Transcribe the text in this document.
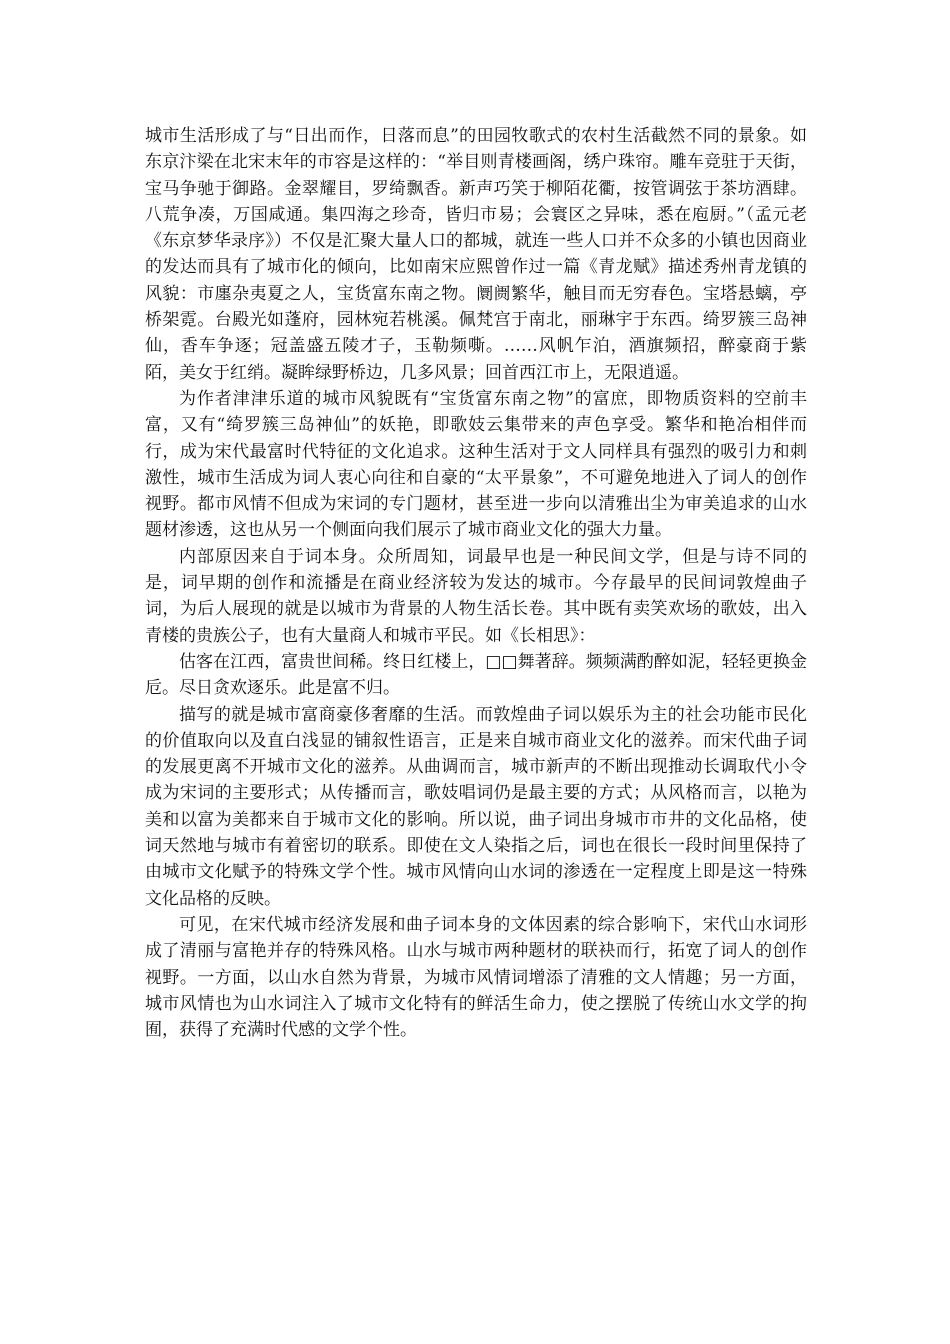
城市生活形成了与“日出而作，日落而息”的田园牧歌式的农村生活截然不同的景象。如东京汴梁在北宋末年的市容是这样的：“举目则青楼画阁，绣户珠帘。雕车竞驻于天街，宝马争驰于御路。金翠耀目，罗绮飘香。新声巧笑于柳陌花衢，按管调弦于茶坊酒肆。八荒争凑，万国咸通。集四海之珍奇，皆归市易；会寰区之异味，悉在庖厨。”（孟元老《东京梦华录序》）不仅是汇聚大量人口的都城，就连一些人口并不众多的小镇也因商业的发达而具有了城市化的倾向，比如南宋应熙曾作过一篇《青龙赋》描述秀州青龙镇的风貌：市廛杂夷夏之人，宝货富东南之物。阛阓繁华，触目而无穷春色。宝塔悬螭，亭桥架霓。台殿光如蓬府，园林宛若桃溪。佩梵宫于南北，丽琳宇于东西。绮罗簇三岛神仙，香车争逐；冠盖盛五陵才子，玉勒频嘶。……风帆乍泊，酒旗频招，醉豪商于紫陌，美女于红绡。凝眸绿野桥边，几多风景；回首西江市上，无限逍遥。

为作者津津乐道的城市风貌既有“宝货富东南之物”的富庶，即物质资料的空前丰富，又有“绮罗簇三岛神仙”的妖艳，即歌妓云集带来的声色享受。繁华和艳冶相伴而行，成为宋代最富时代特征的文化追求。这种生活对于文人同样具有强烈的吸引力和刺激性，城市生活成为词人衷心向往和自豪的“太平景象”，不可避免地进入了词人的创作视野。都市风情不但成为宋词的专门题材，甚至进一步向以清雅出尘为审美追求的山水题材渗透，这也从另一个侧面向我们展示了城市商业文化的强大力量。

内部原因来自于词本身。众所周知，词最早也是一种民间文学，但是与诗不同的是，词早期的创作和流播是在商业经济较为发达的城市。今存最早的民间词敦煌曲子词，为后人展现的就是以城市为背景的人物生活长卷。其中既有卖笑欢场的歌妓，出入青楼的贵族公子，也有大量商人和城市平民。如《长相思》：

估客在江西，富贵世间稀。终日红楼上，□□舞著辞。频频满酌醉如泥，轻轻更换金卮。尽日贪欢逐乐。此是富不归。

描写的就是城市富商豪侈奢靡的生活。而敦煌曲子词以娱乐为主的社会功能市民化的价值取向以及直白浅显的铺叙性语言，正是来自城市商业文化的滋养。而宋代曲子词的发展更离不开城市文化的滋养。从曲调而言，城市新声的不断出现推动长调取代小令成为宋词的主要形式；从传播而言，歌妓唱词仍是最主要的方式；从风格而言，以艳为美和以富为美都来自于城市文化的影响。所以说，曲子词出身城市市井的文化品格，使词天然地与城市有着密切的联系。即使在文人染指之后，词也在很长一段时间里保持了由城市文化赋予的特殊文学个性。城市风情向山水词的渗透在一定程度上即是这一特殊文化品格的反映。

可见，在宋代城市经济发展和曲子词本身的文体因素的综合影响下，宋代山水词形成了清丽与富艳并存的特殊风格。山水与城市两种题材的联袂而行，拓宽了词人的创作视野。一方面，以山水自然为背景，为城市风情词增添了清雅的文人情趣；另一方面，城市风情也为山水词注入了城市文化特有的鲜活生命力，使之摆脱了传统山水文学的拘囿，获得了充满时代感的文学个性。
